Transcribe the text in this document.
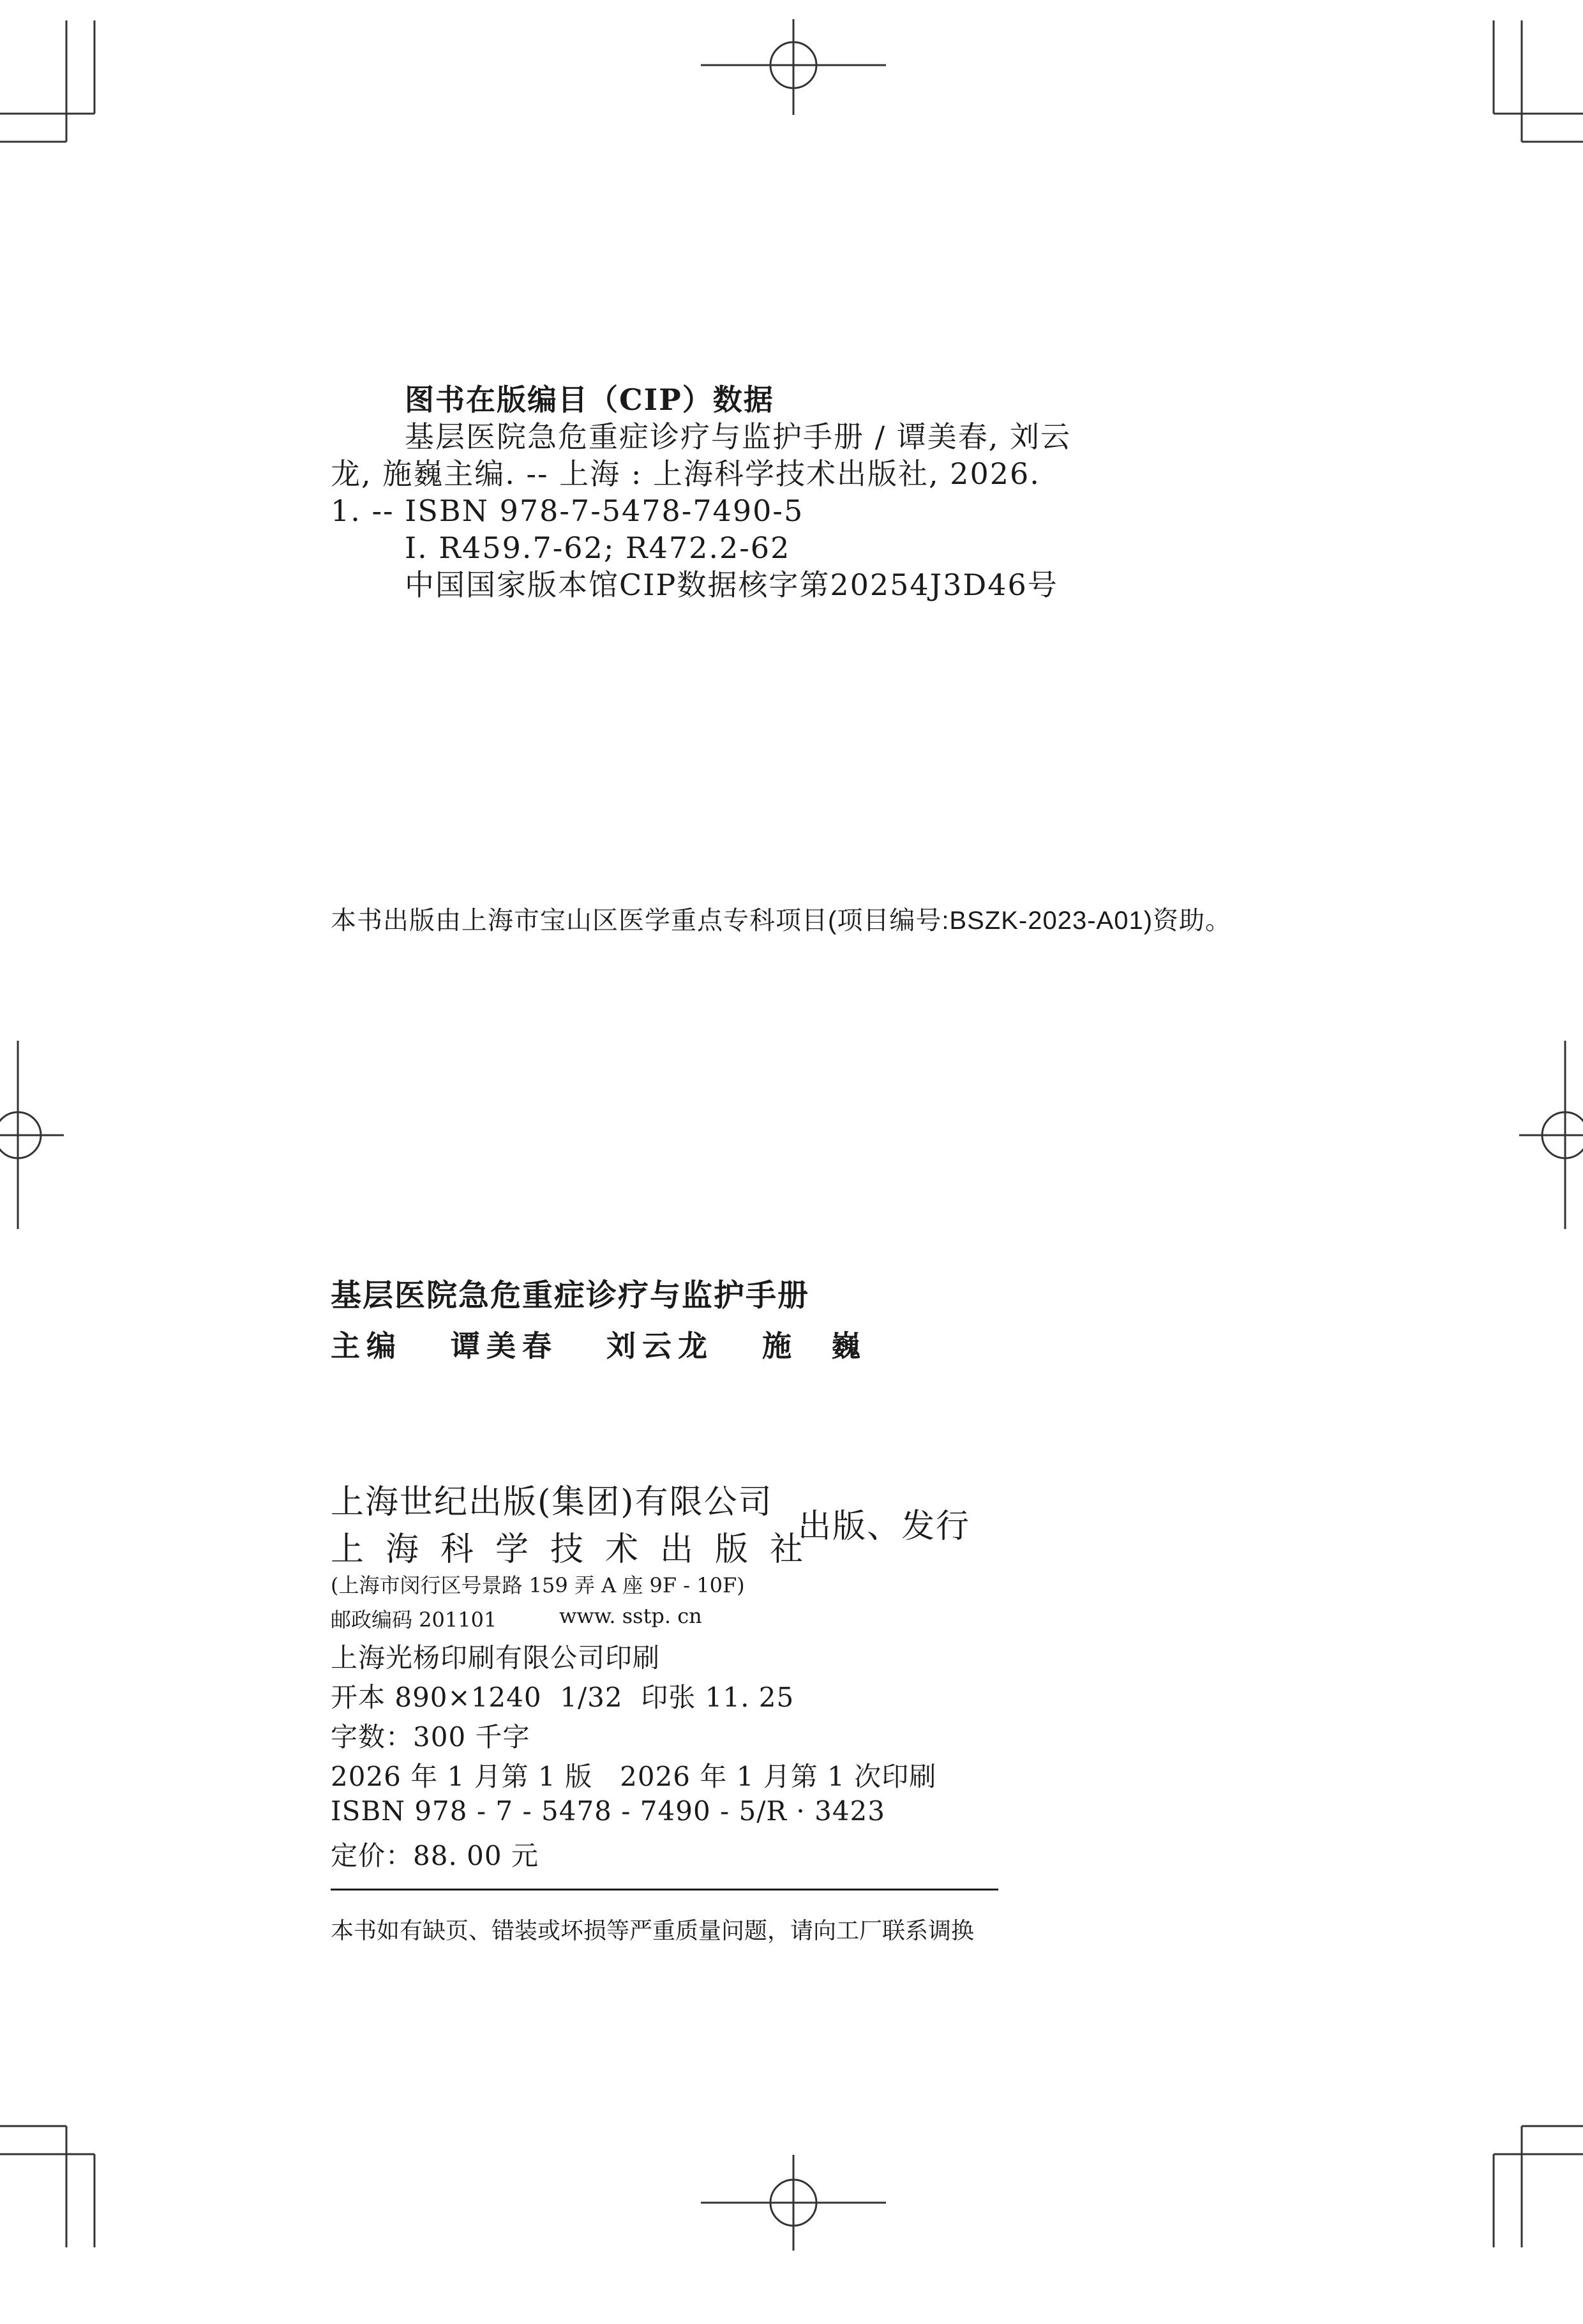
图书在版编目（CIP）数据
基层医院急危重症诊疗与监护手册 / 谭美春, 刘云
龙, 施巍主编. -- 上海 : 上海科学技术出版社, 2026.
1. -- ISBN 978-7-5478-7490-5
Ⅰ. R459.7-62; R472.2-62
中国国家版本馆CIP数据核字第20254J3D46号
本书出版由上海市宝山区医学重点专科项目(项目编号:BSZK-2023-A01)资助。
基层医院急危重症诊疗与监护手册
主编 谭美春 刘云龙 施  巍
上海世纪出版(集团)有限公司
上海科学技术出版社
出版、发行
(上海市闵行区号景路 159 弄 A 座 9F - 10F)
邮政编码 201101	www. sstp. cn
上海光杨印刷有限公司印刷
开本 890×1240  1/32  印张 11. 25
字数：300 千字
2026 年 1 月第 1 版   2026 年 1 月第 1 次印刷
ISBN 978 - 7 - 5478 - 7490 - 5/R · 3423
定价：88. 00 元
本书如有缺页、错装或坏损等严重质量问题，请向工厂联系调换
